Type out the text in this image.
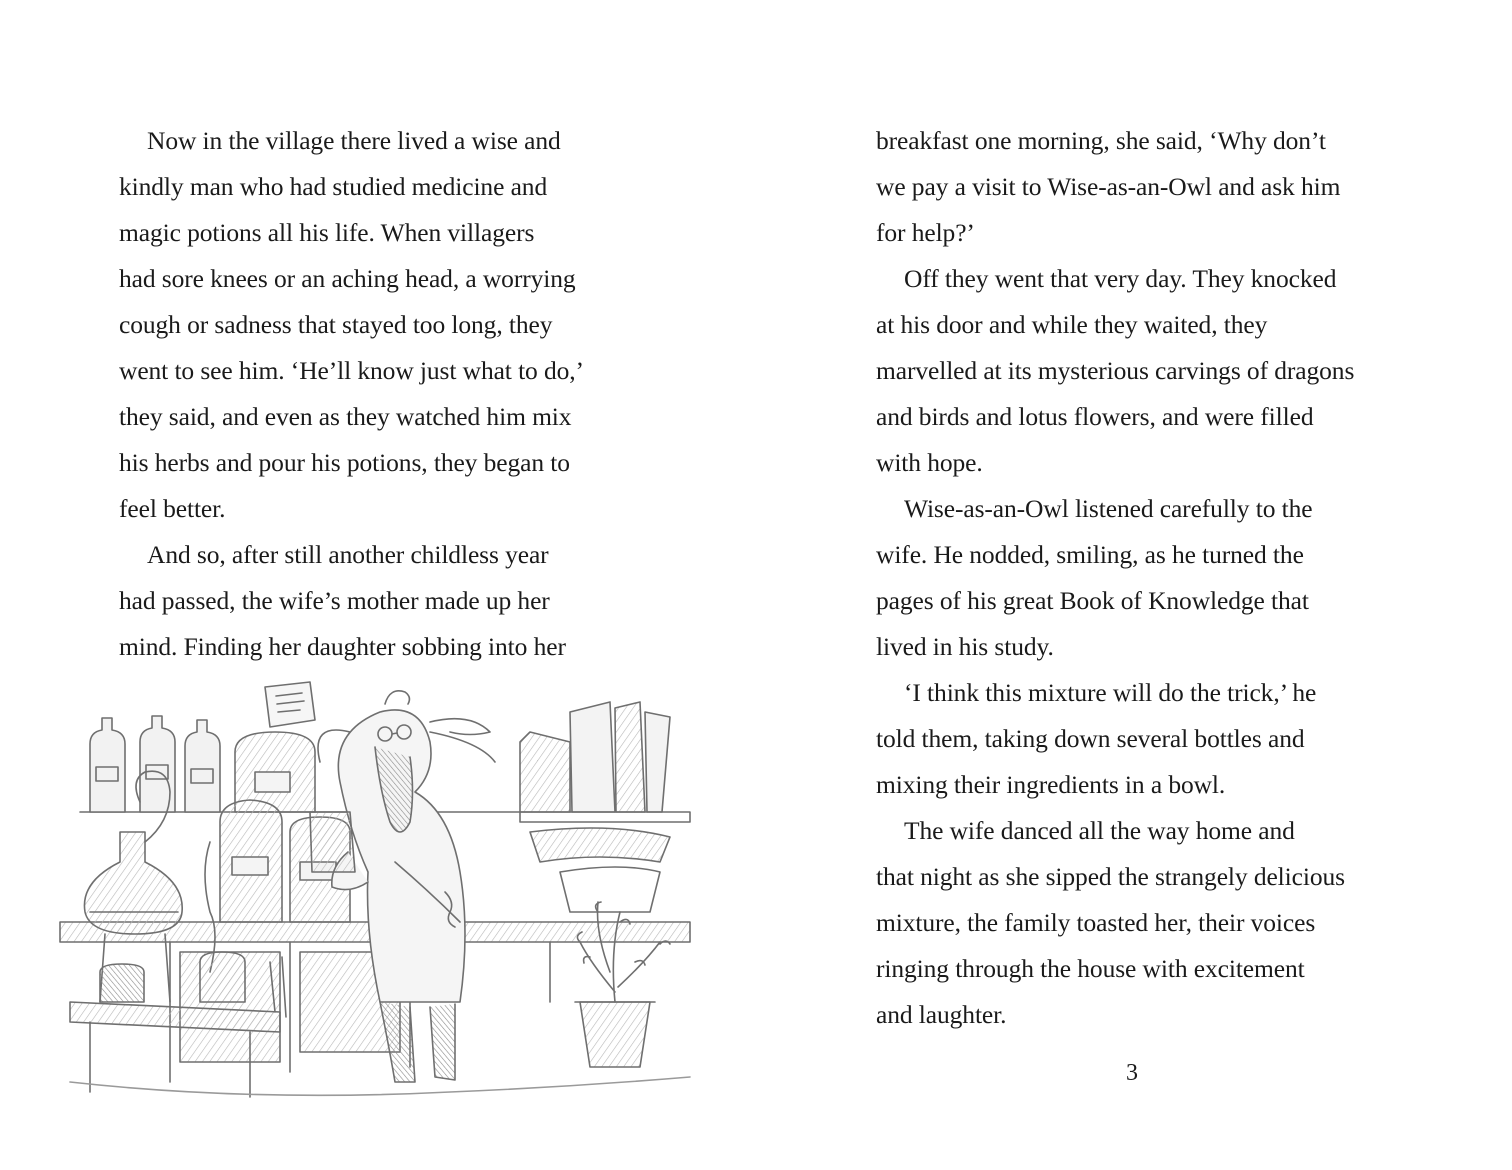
Now in the village there lived a wise and
kindly man who had studied medicine and
magic potions all his life. When villagers
had sore knees or an aching head, a worrying
cough or sadness that stayed too long, they
went to see him. ‘He’ll know just what to do,’
they said, and even as they watched him mix
his herbs and pour his potions, they began to
feel better.
And so, after still another childless year
had passed, the wife’s mother made up her
mind. Finding her daughter sobbing into her
breakfast one morning, she said, ‘Why don’t
we pay a visit to Wise-as-an-Owl and ask him
for help?’
Off they went that very day. They knocked
at his door and while they waited, they
marvelled at its mysterious carvings of dragons
and birds and lotus flowers, and were filled
with hope.
Wise-as-an-Owl listened carefully to the
wife. He nodded, smiling, as he turned the
pages of his great Book of Knowledge that
lived in his study.
‘I think this mixture will do the trick,’ he
told them, taking down several bottles and
mixing their ingredients in a bowl.
The wife danced all the way home and
that night as she sipped the strangely delicious
mixture, the family toasted her, their voices
ringing through the house with excitement
and laughter.
3
